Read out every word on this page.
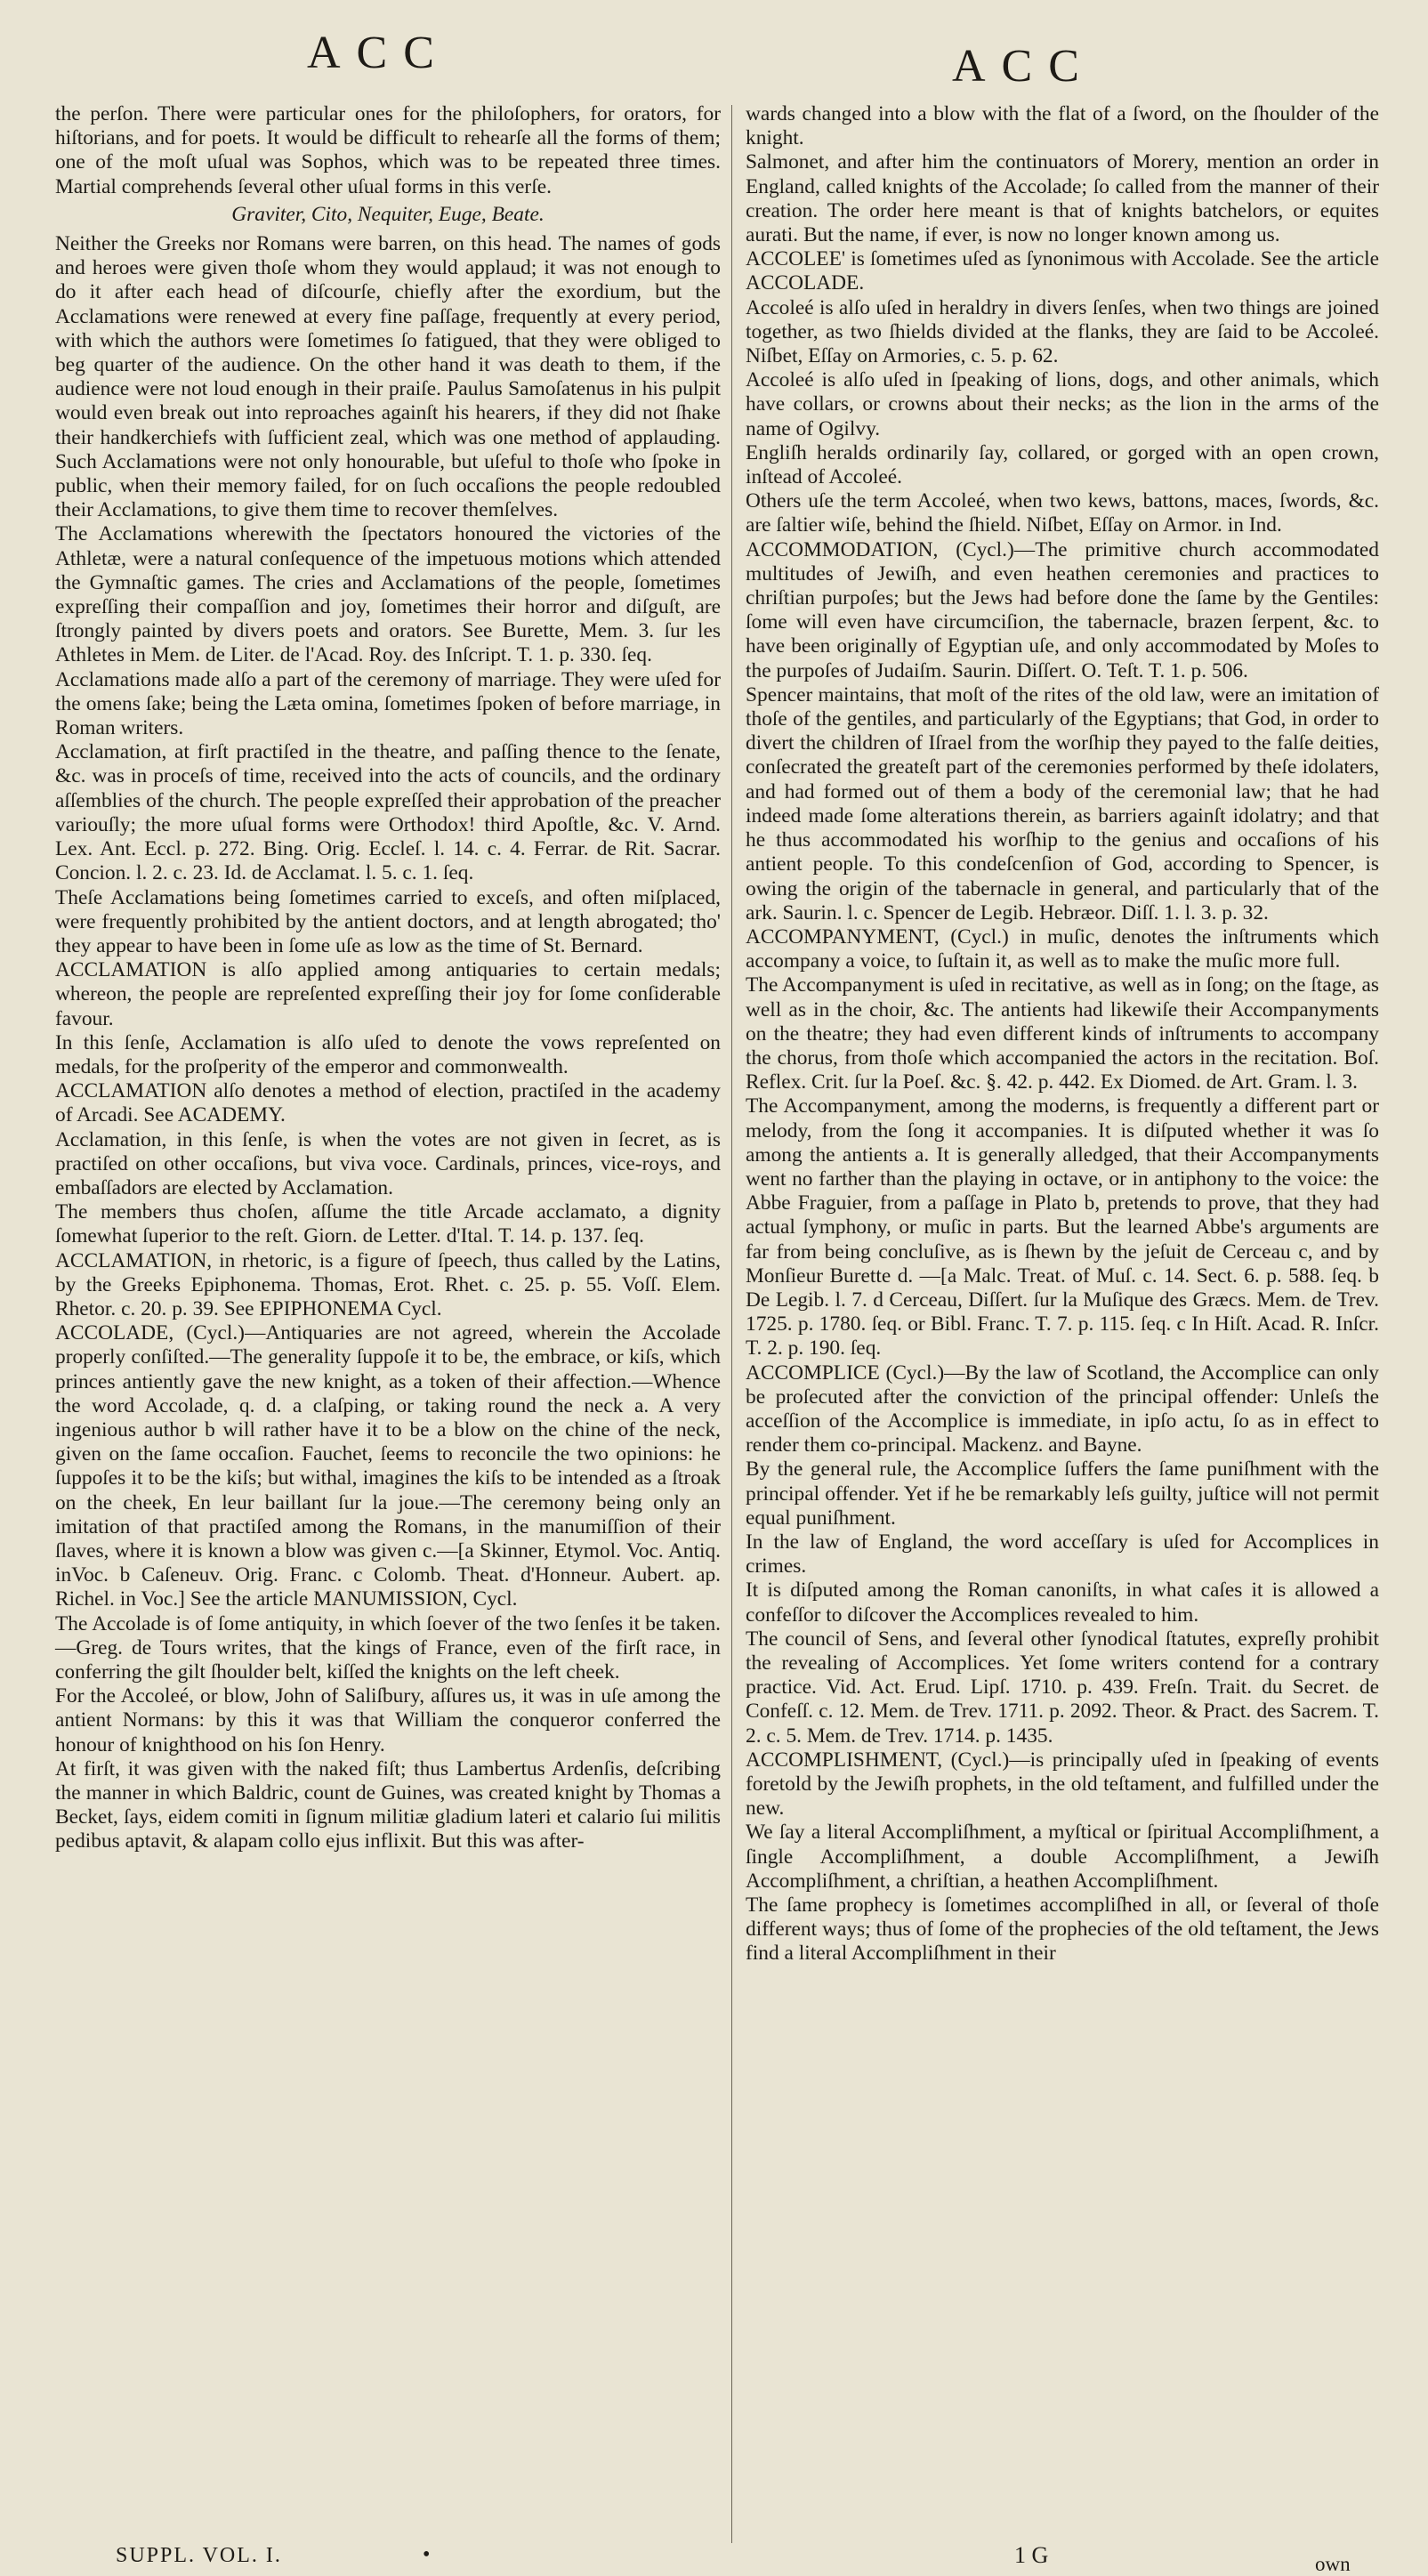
ACC	ACC

the perſon. There were particular ones for the philoſophers, for orators, for hiſtorians, and for poets. It would be difficult to rehearſe all the forms of them; one of the moſt uſual was Sophos, which was to be repeated three times. Martial comprehends ſeveral other uſual forms in this verſe.

Graviter, Cito, Nequiter, Euge, Beate.

Neither the Greeks nor Romans were barren, on this head. The names of gods and heroes were given thoſe whom they would applaud; it was not enough to do it after each head of diſcourſe, chiefly after the exordium, but the Acclamations were renewed at every fine paſſage, frequently at every period, with which the authors were ſometimes ſo fatigued, that they were obliged to beg quarter of the audience. On the other hand it was death to them, if the audience were not loud enough in their praiſe. Paulus Samoſatenus in his pulpit would even break out into reproaches againſt his hearers, if they did not ſhake their handkerchiefs with ſufficient zeal, which was one method of applauding. Such Acclamations were not only honourable, but uſeful to thoſe who ſpoke in public, when their memory failed, for on ſuch occaſions the people redoubled their Acclamations, to give them time to recover themſelves.

The Acclamations wherewith the ſpectators honoured the victories of the Athletæ, were a natural conſequence of the impetuous motions which attended the Gymnaſtic games. The cries and Acclamations of the people, ſometimes expreſſing their compaſſion and joy, ſometimes their horror and diſguſt, are ſtrongly painted by divers poets and orators. See Burette, Mem. 3. ſur les Athletes in Mem. de Liter. de l'Acad. Roy. des Inſcript. T. 1. p. 330. ſeq.

Acclamations made alſo a part of the ceremony of marriage. They were uſed for the omens ſake; being the Læta omina, ſometimes ſpoken of before marriage, in Roman writers.

Acclamation, at firſt practiſed in the theatre, and paſſing thence to the ſenate, &c. was in proceſs of time, received into the acts of councils, and the ordinary aſſemblies of the church. The people expreſſed their approbation of the preacher variouſly; the more uſual forms were Orthodox! third Apoſtle, &c. V. Arnd. Lex. Ant. Eccl. p. 272. Bing. Orig. Eccleſ. l. 14. c. 4. Ferrar. de Rit. Sacrar. Concion. l. 2. c. 23. Id. de Acclamat. l. 5. c. 1. ſeq.

Theſe Acclamations being ſometimes carried to exceſs, and often miſplaced, were frequently prohibited by the antient doctors, and at length abrogated; tho' they appear to have been in ſome uſe as low as the time of St. Bernard.

ACCLAMATION is alſo applied among antiquaries to certain medals; whereon, the people are repreſented expreſſing their joy for ſome conſiderable favour.

In this ſenſe, Acclamation is alſo uſed to denote the vows repreſented on medals, for the proſperity of the emperor and commonwealth.

ACCLAMATION alſo denotes a method of election, practiſed in the academy of Arcadi. See ACADEMY.

Acclamation, in this ſenſe, is when the votes are not given in ſecret, as is practiſed on other occaſions, but viva voce. Cardinals, princes, vice-roys, and embaſſadors are elected by Acclamation.

The members thus choſen, aſſume the title Arcade acclamato, a dignity ſomewhat ſuperior to the reſt. Giorn. de Letter. d'Ital. T. 14. p. 137. ſeq.

ACCLAMATION, in rhetoric, is a figure of ſpeech, thus called by the Latins, by the Greeks Epiphonema. Thomas, Erot. Rhet. c. 25. p. 55. Voſſ. Elem. Rhetor. c. 20. p. 39. See EPIPHONEMA Cycl.

ACCOLADE, (Cycl.)—Antiquaries are not agreed, wherein the Accolade properly conſiſted.—The generality ſuppoſe it to be, the embrace, or kiſs, which princes antiently gave the new knight, as a token of their affection.—Whence the word Accolade, q. d. a claſping, or taking round the neck a. A very ingenious author b will rather have it to be a blow on the chine of the neck, given on the ſame occaſion. Fauchet, ſeems to reconcile the two opinions: he ſuppoſes it to be the kiſs; but withal, imagines the kiſs to be intended as a ſtroak on the cheek, En leur baillant ſur la joue.—The ceremony being only an imitation of that practiſed among the Romans, in the manumiſſion of their ſlaves, where it is known a blow was given c.—[a Skinner, Etymol. Voc. Antiq. inVoc. b Caſeneuv. Orig. Franc. c Colomb. Theat. d'Honneur. Aubert. ap. Richel. in Voc.] See the article MANUMISSION, Cycl.

The Accolade is of ſome antiquity, in which ſoever of the two ſenſes it be taken.—Greg. de Tours writes, that the kings of France, even of the firſt race, in conferring the gilt ſhoulder belt, kiſſed the knights on the left cheek.

For the Accoleé, or blow, John of Saliſbury, aſſures us, it was in uſe among the antient Normans: by this it was that William the conqueror conferred the honour of knighthood on his ſon Henry.

At firſt, it was given with the naked fiſt; thus Lambertus Ardenſis, deſcribing the manner in which Baldric, count de Guines, was created knight by Thomas a Becket, ſays, eidem comiti in ſignum militiæ gladium lateri et calario ſui militis pedibus aptavit, & alapam collo ejus inflixit. But this was after-

wards changed into a blow with the flat of a ſword, on the ſhoulder of the knight.

Salmonet, and after him the continuators of Morery, mention an order in England, called knights of the Accolade; ſo called from the manner of their creation. The order here meant is that of knights batchelors, or equites aurati. But the name, if ever, is now no longer known among us.

ACCOLEE' is ſometimes uſed as ſynonimous with Accolade. See the article ACCOLADE.

Accoleé is alſo uſed in heraldry in divers ſenſes, when two things are joined together, as two ſhields divided at the flanks, they are ſaid to be Accoleé. Niſbet, Eſſay on Armories, c. 5. p. 62.

Accoleé is alſo uſed in ſpeaking of lions, dogs, and other animals, which have collars, or crowns about their necks; as the lion in the arms of the name of Ogilvy.

Engliſh heralds ordinarily ſay, collared, or gorged with an open crown, inſtead of Accoleé.

Others uſe the term Accoleé, when two kews, battons, maces, ſwords, &c. are ſaltier wiſe, behind the ſhield. Niſbet, Eſſay on Armor. in Ind.

ACCOMMODATION, (Cycl.)—The primitive church accommodated multitudes of Jewiſh, and even heathen ceremonies and practices to chriſtian purpoſes; but the Jews had before done the ſame by the Gentiles: ſome will even have circumciſion, the tabernacle, brazen ſerpent, &c. to have been originally of Egyptian uſe, and only accommodated by Moſes to the purpoſes of Judaiſm. Saurin. Diſſert. O. Teſt. T. 1. p. 506.

Spencer maintains, that moſt of the rites of the old law, were an imitation of thoſe of the gentiles, and particularly of the Egyptians; that God, in order to divert the children of Iſrael from the worſhip they payed to the falſe deities, conſecrated the greateſt part of the ceremonies performed by theſe idolaters, and had formed out of them a body of the ceremonial law; that he had indeed made ſome alterations therein, as barriers againſt idolatry; and that he thus accommodated his worſhip to the genius and occaſions of his antient people. To this condeſcenſion of God, according to Spencer, is owing the origin of the tabernacle in general, and particularly that of the ark. Saurin. l. c. Spencer de Legib. Hebræor. Diſſ. 1. l. 3. p. 32.

ACCOMPANYMENT, (Cycl.) in muſic, denotes the inſtruments which accompany a voice, to ſuſtain it, as well as to make the muſic more full.

The Accompanyment is uſed in recitative, as well as in ſong; on the ſtage, as well as in the choir, &c. The antients had likewiſe their Accompanyments on the theatre; they had even different kinds of inſtruments to accompany the chorus, from thoſe which accompanied the actors in the recitation. Boſ. Reflex. Crit. ſur la Poeſ. &c. §. 42. p. 442. Ex Diomed. de Art. Gram. l. 3.

The Accompanyment, among the moderns, is frequently a different part or melody, from the ſong it accompanies. It is diſputed whether it was ſo among the antients a. It is generally alledged, that their Accompanyments went no farther than the playing in octave, or in antiphony to the voice: the Abbe Fraguier, from a paſſage in Plato b, pretends to prove, that they had actual ſymphony, or muſic in parts. But the learned Abbe's arguments are far from being concluſive, as is ſhewn by the jeſuit de Cerceau c, and by Monſieur Burette d. —[a Malc. Treat. of Muſ. c. 14. Sect. 6. p. 588. ſeq. b De Legib. l. 7. d Cerceau, Diſſert. ſur la Muſique des Græcs. Mem. de Trev. 1725. p. 1780. ſeq. or Bibl. Franc. T. 7. p. 115. ſeq. c In Hiſt. Acad. R. Inſcr. T. 2. p. 190. ſeq.

ACCOMPLICE (Cycl.)—By the law of Scotland, the Accomplice can only be proſecuted after the conviction of the principal offender: Unleſs the acceſſion of the Accomplice is immediate, in ipſo actu, ſo as in effect to render them co-principal. Mackenz. and Bayne.

By the general rule, the Accomplice ſuffers the ſame puniſhment with the principal offender. Yet if he be remarkably leſs guilty, juſtice will not permit equal puniſhment.

In the law of England, the word acceſſary is uſed for Accomplices in crimes.

It is diſputed among the Roman canoniſts, in what caſes it is allowed a confeſſor to diſcover the Accomplices revealed to him.

The council of Sens, and ſeveral other ſynodical ſtatutes, expreſly prohibit the revealing of Accomplices. Yet ſome writers contend for a contrary practice. Vid. Act. Erud. Lipſ. 1710. p. 439. Freſn. Trait. du Secret. de Confeſſ. c. 12. Mem. de Trev. 1711. p. 2092. Theor. & Pract. des Sacrem. T. 2. c. 5. Mem. de Trev. 1714. p. 1435.

ACCOMPLISHMENT, (Cycl.)—is principally uſed in ſpeaking of events foretold by the Jewiſh prophets, in the old teſtament, and fulfilled under the new.

We ſay a literal Accompliſhment, a myſtical or ſpiritual Accompliſhment, a ſingle Accompliſhment, a double Accompliſhment, a Jewiſh Accompliſhment, a chriſtian, a heathen Accompliſhment.

The ſame prophecy is ſometimes accompliſhed in all, or ſeveral of thoſe different ways; thus of ſome of the prophecies of the old teſtament, the Jews find a literal Accompliſhment in their

SUPPL. VOL. I.	•	1 G	own
